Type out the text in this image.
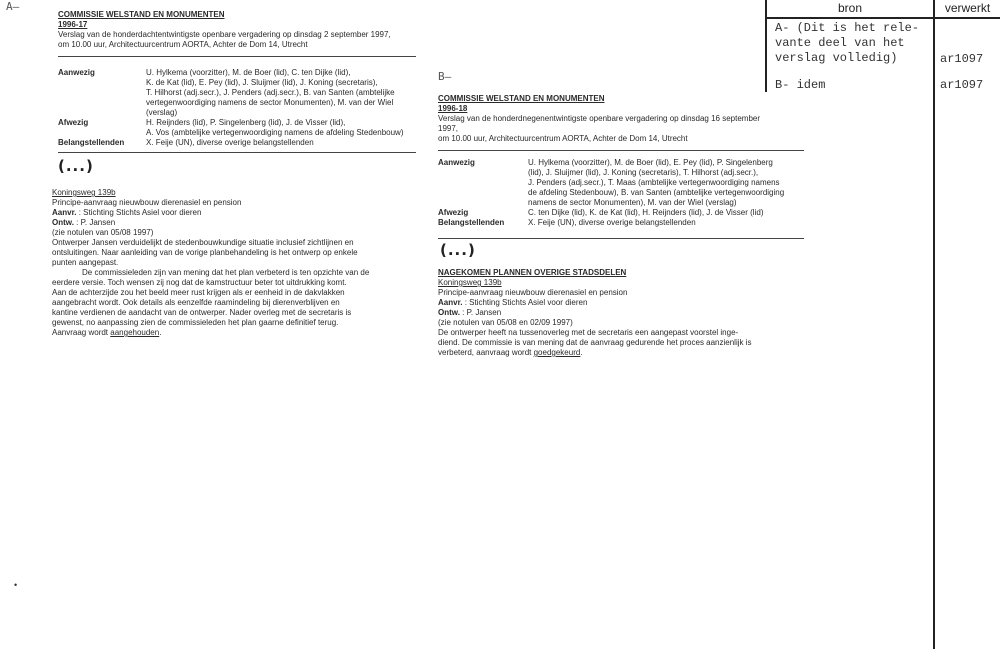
A—
COMMISSIE WELSTAND EN MONUMENTEN
1996-17
Verslag van de honderdachtentwintigste openbare vergadering op dinsdag 2 september 1997,
om 10.00 uur, Architectuurcentrum AORTA, Achter de Dom 14, Utrecht
Aanwezig	U. Hylkema (voorzitter), M. de Boer (lid), C. ten Dijke (lid),
K. de Kat (lid), E. Pey (lid), J. Sluijmer (lid), J. Koning (secretaris),
T. Hilhorst (adj.secr.), J. Penders (adj.secr.), B. van Santen (ambtelijke
vertegenwoordiging namens de sector Monumenten), M. van der Wiel
(verslag)
Afwezig	H. Reijnders (lid), P. Singelenberg (lid), J. de Visser (lid),
A. Vos (ambtelijke vertegenwoordiging namens de afdeling Stedenbouw)
Belangstellenden	X. Feije (UN), diverse overige belangstellenden
(...)
Koningsweg 139b
Principe-aanvraag nieuwbouw dierenasiel en pension
Aanvr. : Stichting Stichts Asiel voor dieren
Ontw. : P. Jansen
(zie notulen van 05/08 1997)
Ontwerper Jansen verduidelijkt de stedenbouwkundige situatie inclusief zichtlijnen en
ontsluitingen. Naar aanleiding van de vorige planbehandeling is het ontwerp op enkele
punten aangepast.
De commissieleden zijn van mening dat het plan verbeterd is ten opzichte van de
eerdere versie. Toch wensen zij nog dat de kamstructuur beter tot uitdrukking komt.
Aan de achterzijde zou het beeld meer rust krijgen als er eenheid in de dakvlakken
aangebracht wordt. Ook details als eenzelfde raamindeling bij dierenverblijven en
kantine verdienen de aandacht van de ontwerper. Nader overleg met de secretaris is
gewenst, no aanpassing zien de commissieleden het plan gaarne definitief terug.
Aanvraag wordt aangehouden.
B—
COMMISSIE WELSTAND EN MONUMENTEN
1996-18
Verslag van de honderdnegenentwintigste openbare vergadering op dinsdag 16 september
1997,
om 10.00 uur, Architectuurcentrum AORTA, Achter de Dom 14, Utrecht
Aanwezig	U. Hylkema (voorzitter), M. de Boer (lid), E. Pey (lid), P. Singelenberg
(lid), J. Sluijmer (lid), J. Koning (secretaris), T. Hilhorst (adj.secr.),
J. Penders (adj.secr.), T. Maas (ambtelijke vertegenwoordiging namens
de afdeling Stedenbouw), B. van Santen (ambtelijke vertegenwoordiging
namens de sector Monumenten), M. van der Wiel (verslag)
Afwezig	C. ten Dijke (lid), K. de Kat (lid), H. Reijnders (lid), J. de Visser (lid)
Belangstellenden	X. Feije (UN), diverse overige belangstellenden
(...)
NAGEKOMEN PLANNEN OVERIGE STADSDELEN
Koningsweg 139b
Principe-aanvraag nieuwbouw dierenasiel en pension
Aanvr. : Stichting Stichts Asiel voor dieren
Ontw. : P. Jansen
(zie notulen van 05/08 en 02/09 1997)
De ontwerper heeft na tussenoverleg met de secretaris een aangepast voorstel inge-
diend. De commissie is van mening dat de aanvraag gedurende het proces aanzienlijk is
verbeterd, aanvraag wordt goedgekeurd.
•
bron	verwerkt
A- (Dit is het rele-
vante deel van het
verslag volledig)	ar1097
B- idem	ar1097
